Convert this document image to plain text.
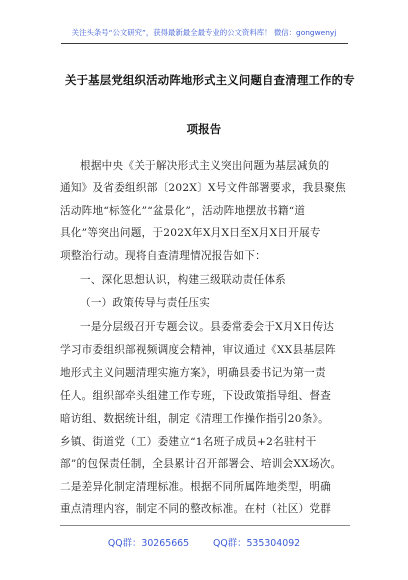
关注头条号“公文研究”，获得最新最全最专业的公文资料库！ 微信：gongwenyj
关于基层党组织活动阵地形式主义问题自查清理工作的专
项报告
根据中央《关于解决形式主义突出问题为基层减负的
通知》及省委组织部〔202X〕X号文件部署要求，我县聚焦
活动阵地“标签化”“盆景化”，活动阵地摆放书籍“道
具化”等突出问题，于202X年X月X日至X月X日开展专
项整治行动。现将自查清理情况报告如下：
一、深化思想认识，构建三级联动责任体系
（一）政策传导与责任压实
一是分层级召开专题会议。县委常委会于X月X日传达
学习市委组织部视频调度会精神，审议通过《XX县基层阵
地形式主义问题清理实施方案》，明确县委书记为第一责
任人。组织部牵头组建工作专班，下设政策指导组、督查
暗访组、数据统计组，制定《清理工作操作指引20条》。
乡镇、街道党（工）委建立“1名班子成员+2名驻村干
部”的包保责任制，全县累计召开部署会、培训会XX场次。
二是差异化制定清理标准。根据不同所属阵地类型，明确
重点清理内容，制定不同的整改标准。在村（社区）党群
QQ群：30265665	QQ群：535304092
